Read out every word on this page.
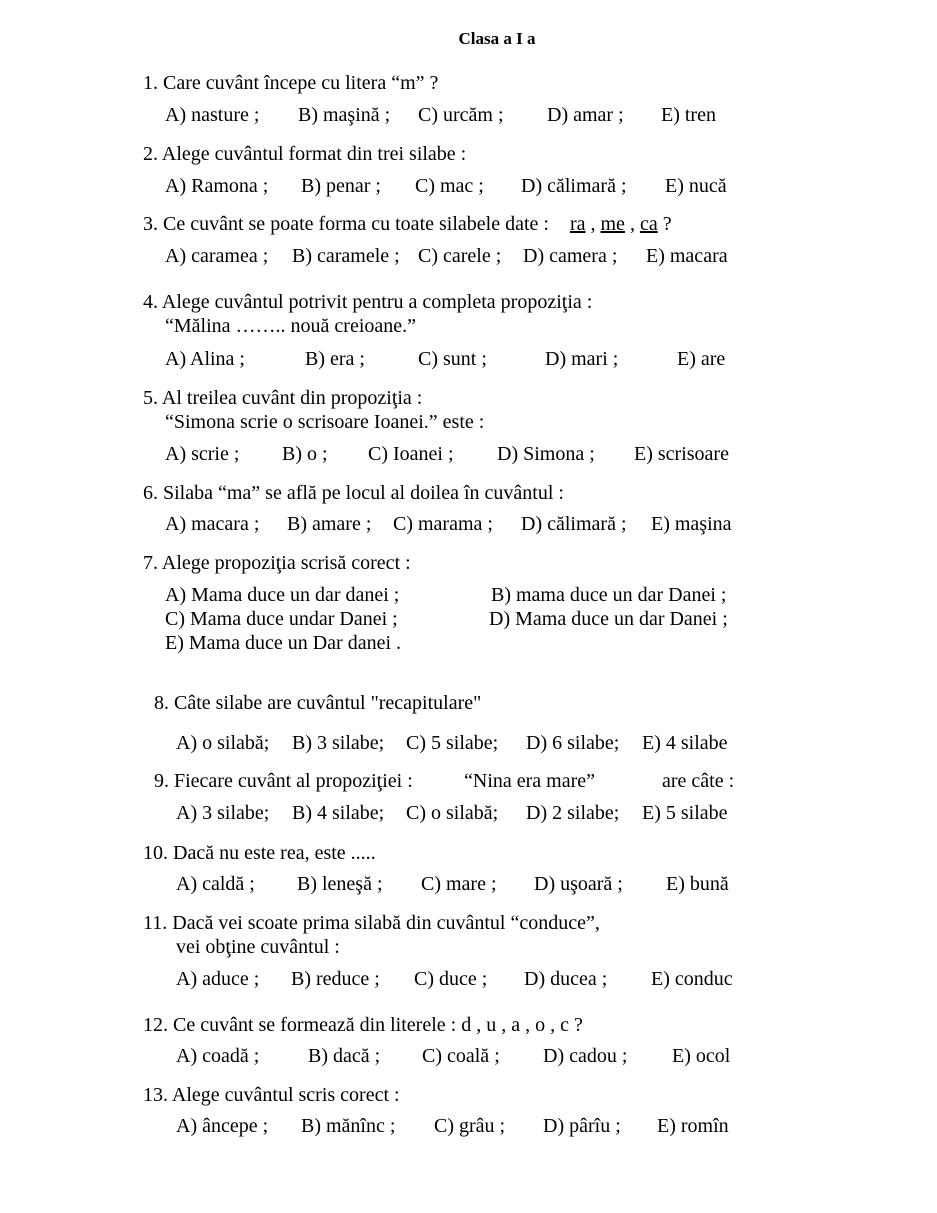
Clasa a I a
1. Care cuvânt începe cu litera “m” ?
A) nasture ; B) maşină ; C) urcăm ; D) amar ; E) tren
2. Alege cuvântul format din trei silabe :
A) Ramona ; B) penar ; C) mac ; D) călimară ; E) nucă
3. Ce cuvânt se poate forma cu toate silabele date : ra , me , ca ?
A) caramea ; B) caramele ; C) carele ; D) camera ; E) macara
4. Alege cuvântul potrivit pentru a completa propoziţia :
“Mălina …….. nouă creioane.”
A) Alina ;	B) era ;	C) sunt ;	D) mari ;	E) are
5. Al treilea cuvânt din propoziţia :
“Simona scrie o scrisoare Ioanei.” este :
A) scrie ; B) o ; C) Ioanei ; D) Simona ; E) scrisoare
6. Silaba “ma” se află pe locul al doilea în cuvântul :
A) macara ; B) amare ; C) marama ; D) călimară ; E) maşina
7. Alege propoziţia scrisă corect :
A) Mama duce un dar danei ;	B) mama duce un dar Danei ;
C) Mama duce undar Danei ;	D) Mama duce un dar Danei ;
E) Mama duce un Dar danei .
8. Câte silabe are cuvântul "recapitulare"
A) o silabă; B) 3 silabe; C) 5 silabe; D) 6 silabe; E) 4 silabe
9. Fiecare cuvânt al propoziţiei :	“Nina era mare”	are câte :
A) 3 silabe; B) 4 silabe; C) o silabă; D) 2 silabe; E) 5 silabe
10. Dacă nu este rea, este .....
A) caldă ; B) leneşă ; C) mare ; D) uşoară ; E) bună
11. Dacă vei scoate prima silabă din cuvântul “conduce”,
vei obţine cuvântul :
A) aduce ; B) reduce ; C) duce ; D) ducea ; E) conduc
12. Ce cuvânt se formează din literele : d , u , a , o , c ?
A) coadă ; B) dacă ; C) coală ; D) cadou ; E) ocol
13. Alege cuvântul scris corect :
A) âncepe ; B) mănînc ; C) grâu ; D) pârîu ; E) romîn
